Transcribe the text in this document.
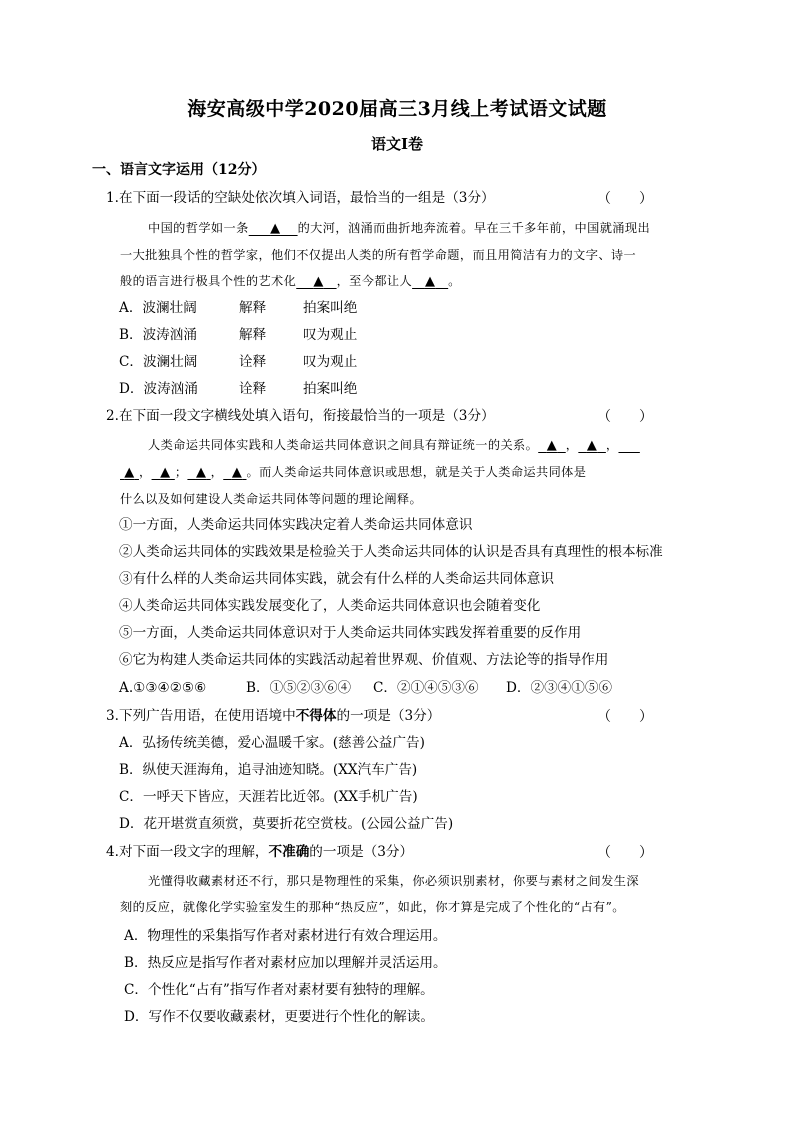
海安高级中学2020届高三3月线上考试语文试题
语文Ⅰ卷
一、语言文字运用（12分）
1.在下面一段话的空缺处依次填入词语，最恰当的一组是（3分）	（　　）
中国的哲学如一条 ▲ 的大河，汹涌而曲折地奔流着。早在三千多年前，中国就涌现出
一大批独具个性的哲学家，他们不仅提出人类的所有哲学命题，而且用简洁有力的文字、诗一
般的语言进行极具个性的艺术化 ▲ ，至今都让人 ▲ 。
A．波澜壮阔	解释	拍案叫绝
B．波涛汹涌	解释	叹为观止
C．波澜壮阔	诠释	叹为观止
D．波涛汹涌	诠释	拍案叫绝
2.在下面一段文字横线处填入语句，衔接最恰当的一项是（3分）	（　　）
人类命运共同体实践和人类命运共同体意识之间具有辩证统一的关系。 ▲ ， ▲ ，
▲ ， ▲ ； ▲ ， ▲ 。而人类命运共同体意识或思想，就是关于人类命运共同体是
什么以及如何建设人类命运共同体等问题的理论阐释。
①一方面，人类命运共同体实践决定着人类命运共同体意识
②人类命运共同体的实践效果是检验关于人类命运共同体的认识是否具有真理性的根本标准
③有什么样的人类命运共同体实践，就会有什么样的人类命运共同体意识
④人类命运共同体实践发展变化了，人类命运共同体意识也会随着变化
⑤一方面，人类命运共同体意识对于人类命运共同体实践发挥着重要的反作用
⑥它为构建人类命运共同体的实践活动起着世界观、价值观、方法论等的指导作用
A.①③④②⑤⑥	B．①⑤②③⑥④ C．②①④⑤③⑥ D．②③④①⑤⑥
3.下列广告用语，在使用语境中不得体的一项是（3分）	（　　）
A．弘扬传统美德，爱心温暖千家。(慈善公益广告)
B．纵使天涯海角，追寻油迹知晓。(XX汽车广告)
C．一呼天下皆应，天涯若比近邻。(XX手机广告)
D．花开堪赏直须赏，莫要折花空赏枝。(公园公益广告)
4.对下面一段文字的理解，不准确的一项是（3分）	（　　）
光懂得收藏素材还不行，那只是物理性的采集，你必须识别素材，你要与素材之间发生深
刻的反应，就像化学实验室发生的那种“热反应”，如此，你才算是完成了个性化的“占有”。
A．物理性的采集指写作者对素材进行有效合理运用。
B．热反应是指写作者对素材应加以理解并灵活运用。
C．个性化“占有”指写作者对素材要有独特的理解。
D．写作不仅要收藏素材，更要进行个性化的解读。
